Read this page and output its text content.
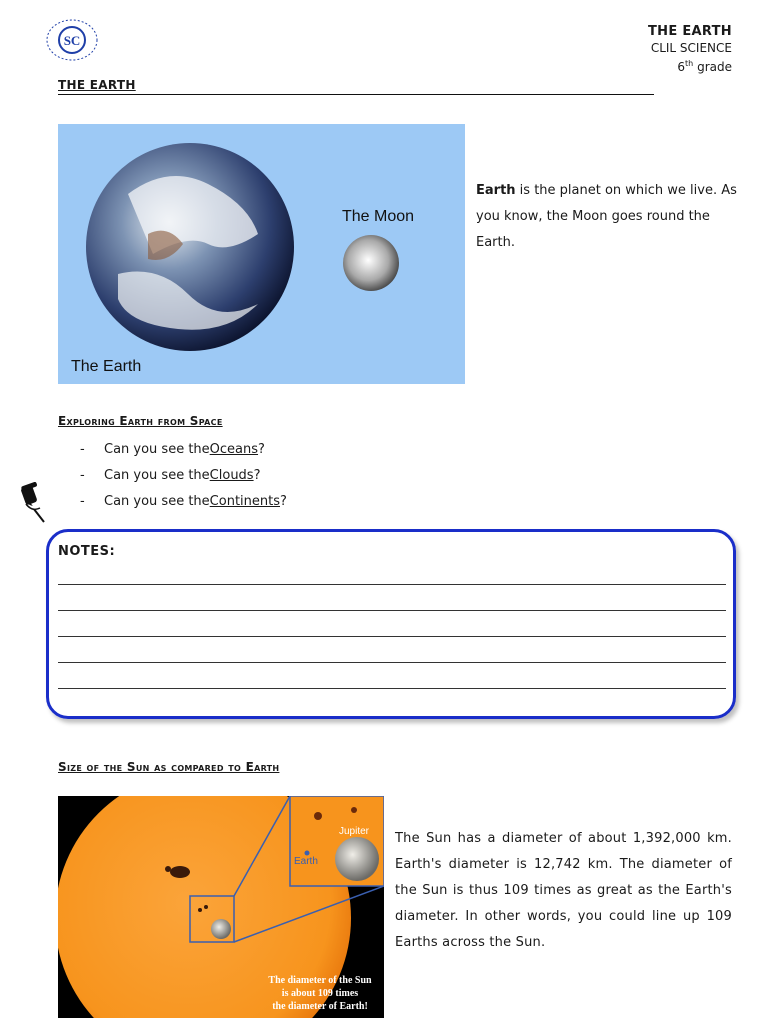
SC
THE EARTH
CLIL SCIENCE
6th grade
THE EARTH
The Moon
The Earth
Earth is the planet on which we live. As you know, the Moon goes round the Earth.
Exploring Earth from Space
-	Can you see the Oceans ?
-	Can you see the Clouds ?
-	Can you see the Continents ?
NOTES:
Size of the Sun as compared to Earth
Jupiter
Earth
The diameter of the Sun
is about 109 times
the diameter of Earth!
The Sun has a diameter of about 1,392,000 km. Earth's diameter is 12,742 km. The diameter of the Sun is thus 109 times as great as the Earth's diameter. In other words, you could line up 109 Earths across the Sun.
